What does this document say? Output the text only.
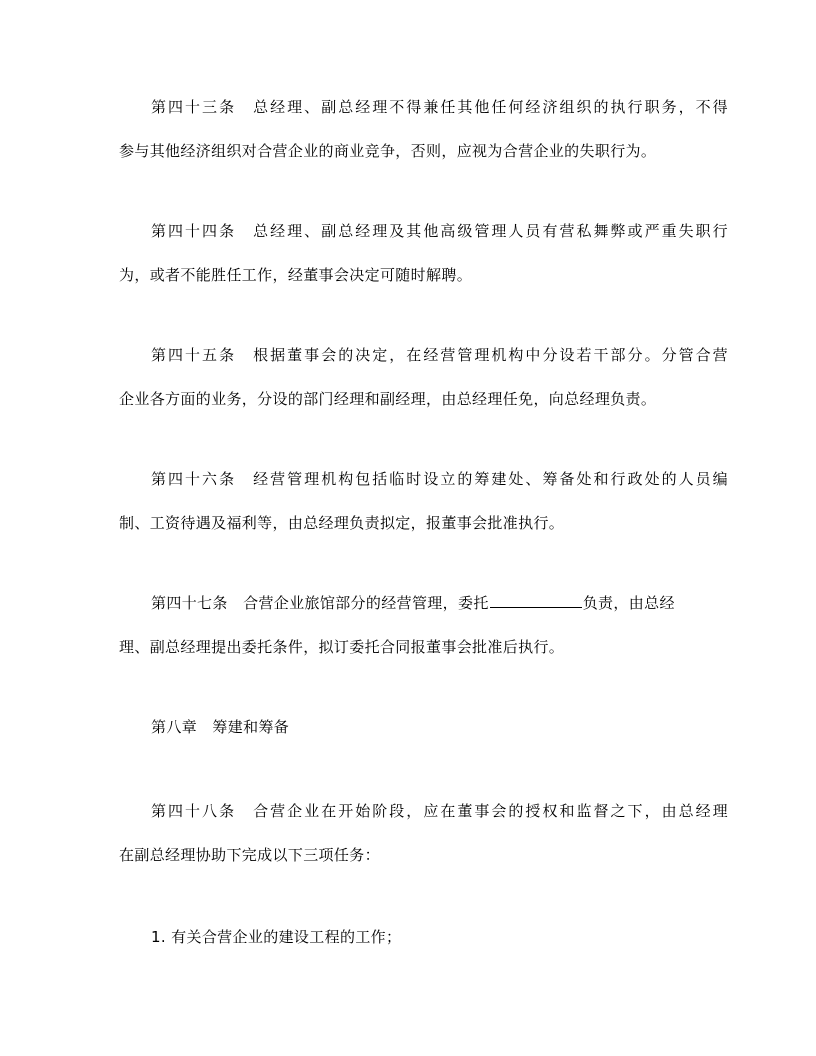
第四十三条　总经理、副总经理不得兼任其他任何经济组织的执行职务，不得
参与其他经济组织对合营企业的商业竞争，否则，应视为合营企业的失职行为。
第四十四条　总经理、副总经理及其他高级管理人员有营私舞弊或严重失职行
为，或者不能胜任工作，经董事会决定可随时解聘。
第四十五条　根据董事会的决定，在经营管理机构中分设若干部分。分管合营
企业各方面的业务，分设的部门经理和副经理，由总经理任免，向总经理负责。
第四十六条　经营管理机构包括临时设立的筹建处、筹备处和行政处的人员编
制、工资待遇及福利等，由总经理负责拟定，报董事会批准执行。
第四十七条　合营企业旅馆部分的经营管理，委托	负责，由总经
理、副总经理提出委托条件，拟订委托合同报董事会批准后执行。
第八章　筹建和筹备
第四十八条　合营企业在开始阶段，应在董事会的授权和监督之下，由总经理
在副总经理协助下完成以下三项任务：
1. 有关合营企业的建设工程的工作；
